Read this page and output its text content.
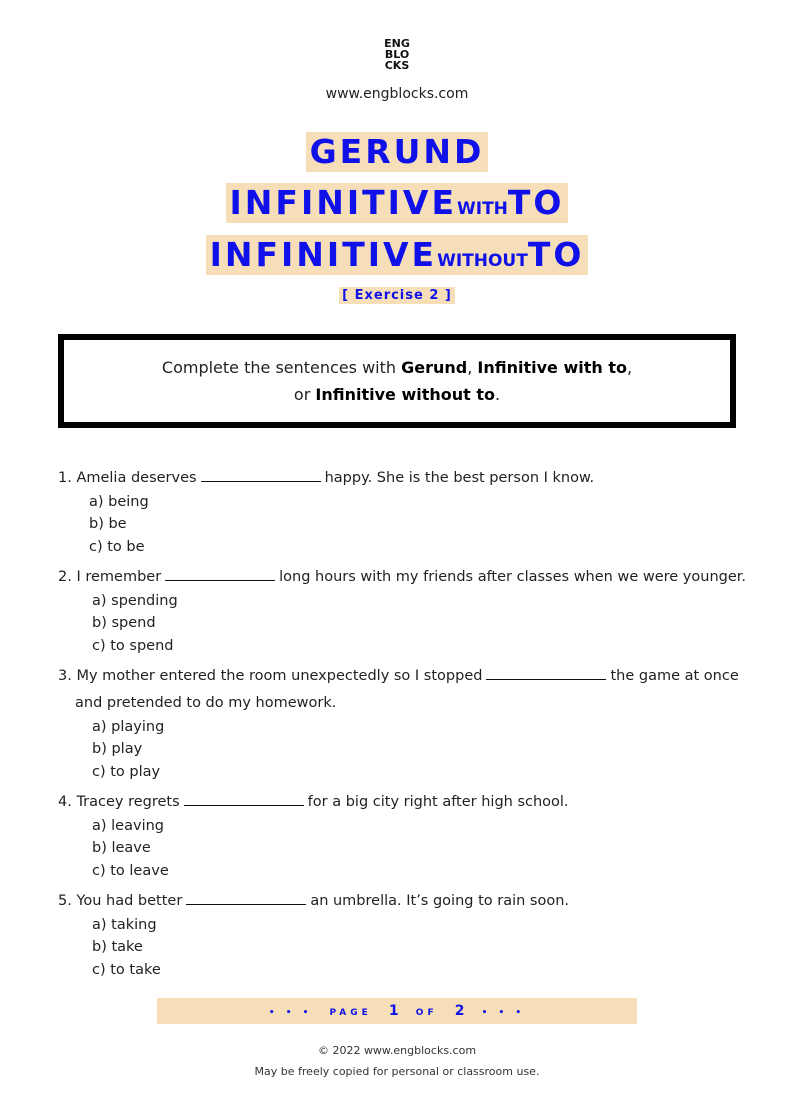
ENG
BLO
CKS
www.engblocks.com
GERUND
INFINITIVEWITHTO
INFINITIVEWITHOUTTO
[ Exercise 2 ]
Complete the sentences with Gerund, Infinitive with to,
or Infinitive without to.
1. Amelia deserves	happy. She is the best person I know.
a) being
b) be
c) to be
2. I remember	long hours with my friends after classes when we were younger.
a) spending
b) spend
c) to spend
3. My mother entered the room unexpectedly so I stopped	the game at once
and pretended to do my homework.
a) playing
b) play
c) to play
4. Tracey regrets	for a big city right after high school.
a) leaving
b) leave
c) to leave
5. You had better	an umbrella. It’s going to rain soon.
a) taking
b) take
c) to take
• • • PAGE 1 OF 2 • • •
© 2022 www.engblocks.com
May be freely copied for personal or classroom use.
